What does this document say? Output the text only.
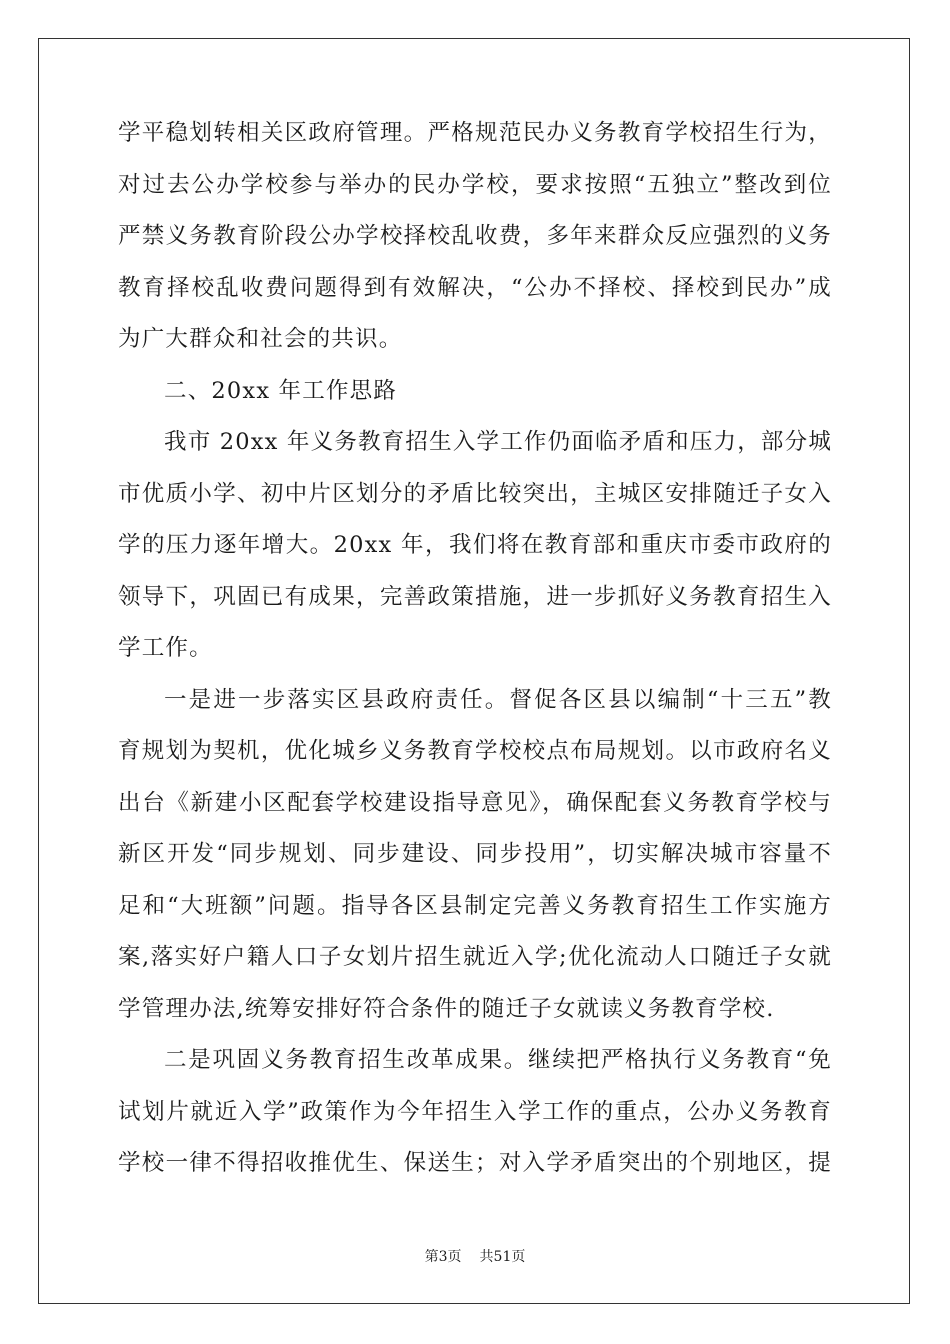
学平稳划转相关区政府管理。严格规范民办义务教育学校招生行为，
对过去公办学校参与举办的民办学校，要求按照“五独立”整改到位
严禁义务教育阶段公办学校择校乱收费，多年来群众反应强烈的义务
教育择校乱收费问题得到有效解决，“公办不择校、择校到民办”成
为广大群众和社会的共识。
二、20xx 年工作思路
我市 20xx 年义务教育招生入学工作仍面临矛盾和压力，部分城
市优质小学、初中片区划分的矛盾比较突出，主城区安排随迁子女入
学的压力逐年增大。20xx 年，我们将在教育部和重庆市委市政府的
领导下，巩固已有成果，完善政策措施，进一步抓好义务教育招生入
学工作。
一是进一步落实区县政府责任。督促各区县以编制“十三五”教
育规划为契机，优化城乡义务教育学校校点布局规划。以市政府名义
出台《新建小区配套学校建设指导意见》，确保配套义务教育学校与
新区开发“同步规划、同步建设、同步投用”，切实解决城市容量不
足和“大班额”问题。指导各区县制定完善义务教育招生工作实施方
案,落实好户籍人口子女划片招生就近入学;优化流动人口随迁子女就
学管理办法,统筹安排好符合条件的随迁子女就读义务教育学校.
二是巩固义务教育招生改革成果。继续把严格执行义务教育“免
试划片就近入学”政策作为今年招生入学工作的重点，公办义务教育
学校一律不得招收推优生、保送生；对入学矛盾突出的个别地区，提
第3页 共51页
